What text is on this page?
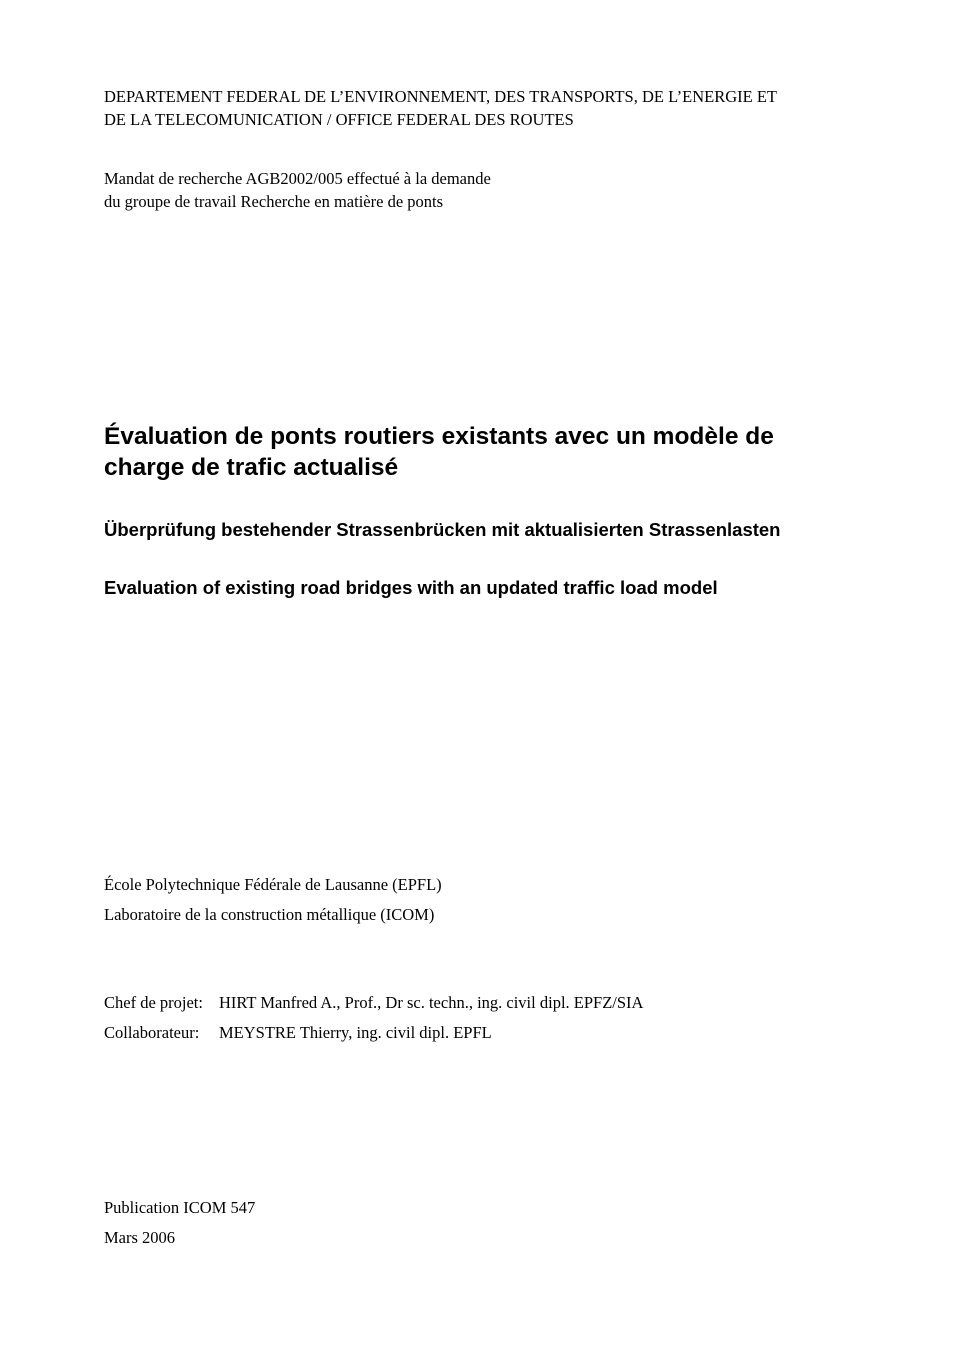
DEPARTEMENT FEDERAL DE L’ENVIRONNEMENT, DES TRANSPORTS, DE L’ENERGIE ET
DE LA TELECOMUNICATION / OFFICE FEDERAL DES ROUTES
Mandat de recherche AGB2002/005 effectué à la demande
du groupe de travail Recherche en matière de ponts
Évaluation de ponts routiers existants avec un modèle de
charge de trafic actualisé
Überprüfung bestehender Strassenbrücken mit aktualisierten Strassenlasten
Evaluation of existing road bridges with an updated traffic load model
École Polytechnique Fédérale de Lausanne (EPFL)
Laboratoire de la construction métallique (ICOM)
Chef de projet: HIRT Manfred A., Prof., Dr sc. techn., ing. civil dipl. EPFZ/SIA
Collaborateur:	MEYSTRE Thierry, ing. civil dipl. EPFL
Publication ICOM 547
Mars 2006
